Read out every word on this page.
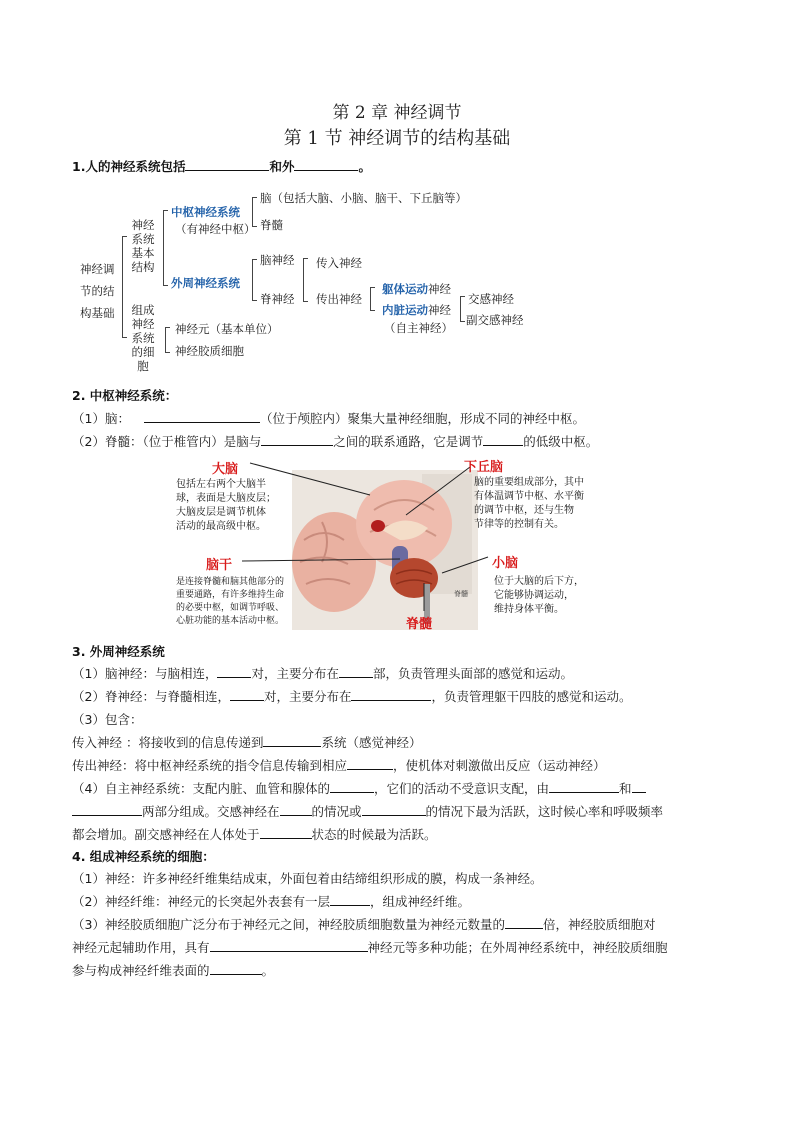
第 2 章 神经调节
第 1 节 神经调节的结构基础
1.人的神经系统包括	和外	。
神经调
节的结
构基础
神经系统基本结构
组成神经系统的细胞
中枢神经系统
（有神经中枢）
脑（包括大脑、小脑、脑干、下丘脑等）
脊髓
外周神经系统
脑神经
脊神经
传入神经
传出神经
躯体运动神经
内脏运动神经
（自主神经）
交感神经
副交感神经
神经元（基本单位）
神经胶质细胞
2. 中枢神经系统：
（1）脑：	（位于颅腔内）聚集大量神经细胞，形成不同的神经中枢。
（2）脊髓：（位于椎管内）是脑与	之间的联系通路，它是调节	的低级中枢。
脊髓
大脑
包括左右两个大脑半
球，表面是大脑皮层；
大脑皮层是调节机体
活动的最高级中枢。
下丘脑
脑的重要组成部分，其中
有体温调节中枢、水平衡
的调节中枢，还与生物
节律等的控制有关。
脑干
是连接脊髓和脑其他部分的
重要通路，有许多维持生命
的必要中枢，如调节呼吸、
心脏功能的基本活动中枢。
小脑
位于大脑的后下方，
它能够协调运动，
维持身体平衡。
脊髓
3. 外周神经系统
（1）脑神经：与脑相连，	对，主要分布在	部，负责管理头面部的感觉和运动。
（2）脊神经：与脊髓相连，	对，主要分布在	，负责管理躯干四肢的感觉和运动。
（3）包含：
传入神经 ：将接收到的信息传递到	系统（感觉神经）
传出神经：将中枢神经系统的指令信息传输到相应	，使机体对刺激做出反应（运动神经）
（4）自主神经系统：支配内脏、血管和腺体的	，它们的活动不受意识支配，由	和
两部分组成。交感神经在	的情况或	的情况下最为活跃，这时候心率和呼吸频率
都会增加。副交感神经在人体处于	状态的时候最为活跃。
4. 组成神经系统的细胞：
（1）神经：许多神经纤维集结成束，外面包着由结缔组织形成的膜，构成一条神经。
（2）神经纤维：神经元的长突起外表套有一层	，组成神经纤维。
（3）神经胶质细胞广泛分布于神经元之间，神经胶质细胞数量为神经元数量的	倍，神经胶质细胞对
神经元起辅助作用，具有	神经元等多种功能；在外周神经系统中，神经胶质细胞
参与构成神经纤维表面的	。
